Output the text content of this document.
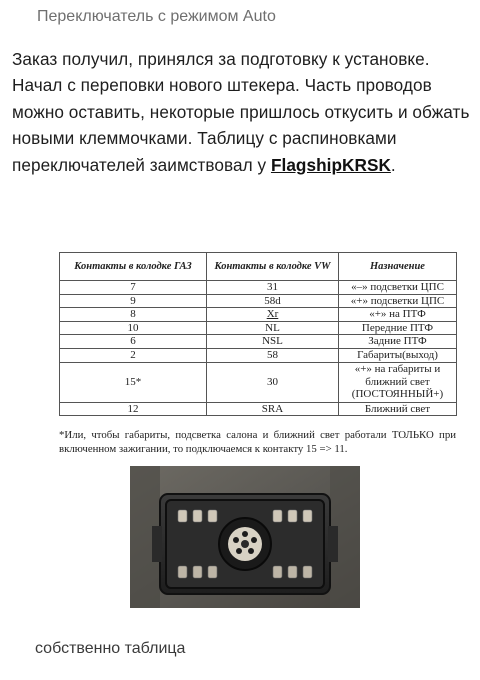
Переключатель с режимом Auto
Заказ получил, принялся за подготовку к установке. Начал с переповки нового штекера. Часть проводов можно оставить, некоторые пришлось откусить и обжать новыми клеммочками. Таблицу с распиновками переключателей заимствовал у FlagshipKRSK.
Контакты в колодке ГАЗ	Контакты в колодке VW	Назначение
7	31	«–» подсветки ЦПС
9	58d	«+» подсветки ЦПС
8	Xr	«+» на ПТФ
10	NL	Передние ПТФ
6	NSL	Задние ПТФ
2	58	Габариты(выход)
15*	30	«+» на габариты и ближний свет (ПОСТОЯННЫЙ+)
12	SRA	Ближний свет
*Или, чтобы габариты, подсветка салона и ближний свет работали ТОЛЬКО при включенном зажигании, то подключаемся к контакту 15 => 11.
собственно таблица
